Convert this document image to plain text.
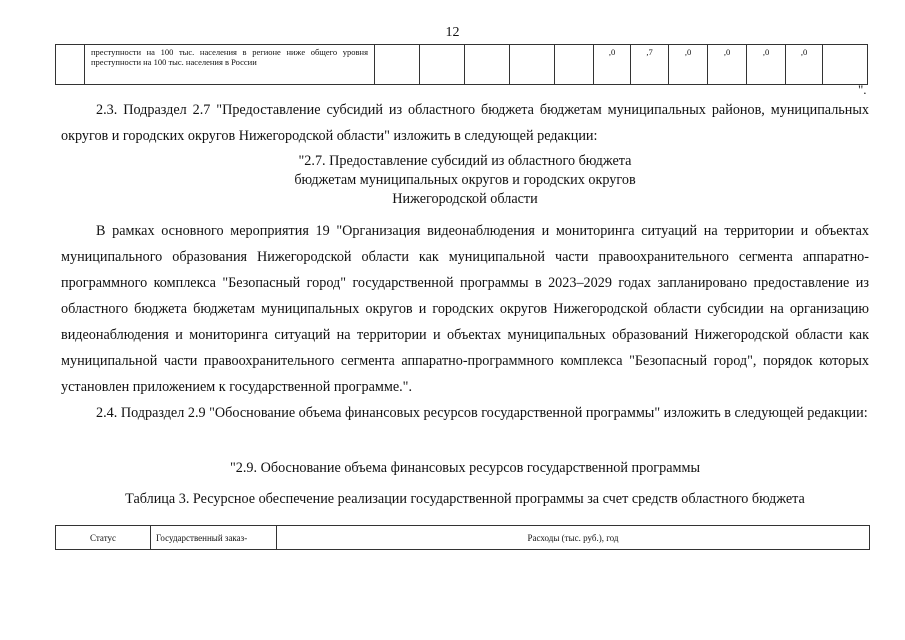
12
	преступности на 100 тыс. населения в регионе ниже общего уровня преступности на 100 тыс. населения в России						,0	,7	,0	,0	,0	,0	
".

2.3. Подраздел 2.7 "Предоставление субсидий из областного бюджета бюджетам муниципальных районов, муниципальных округов и городских округов Нижегородской области" изложить в следующей редакции:

"2.7. Предоставление субсидий из областного бюджета
бюджетам муниципальных округов и городских округов
Нижегородской области

В рамках основного мероприятия 19 "Организация видеонаблюдения и мониторинга ситуаций на территории и объектах муниципального образования Нижегородской области как муниципальной части правоохранительного сегмента аппаратно-программного комплекса "Безопасный город" государственной программы в 2023–2029 годах запланировано предоставление из областного бюджета бюджетам муниципальных округов и городских округов Нижегородской области субсидии на организацию видеонаблюдения и мониторинга ситуаций на территории и объектах муниципальных образований Нижегородской области как муниципальной части правоохранительного сегмента аппаратно-программного комплекса "Безопасный город", порядок которых установлен приложением к государственной программе.".

2.4. Подраздел 2.9 "Обоснование объема финансовых ресурсов государственной программы" изложить в следующей редакции:

"2.9. Обоснование объема финансовых ресурсов государственной программы
Таблица 3. Ресурсное обеспечение реализации государственной программы за счет средств областного бюджета
Статус	Государственный заказ-	Расходы (тыс. руб.), год
